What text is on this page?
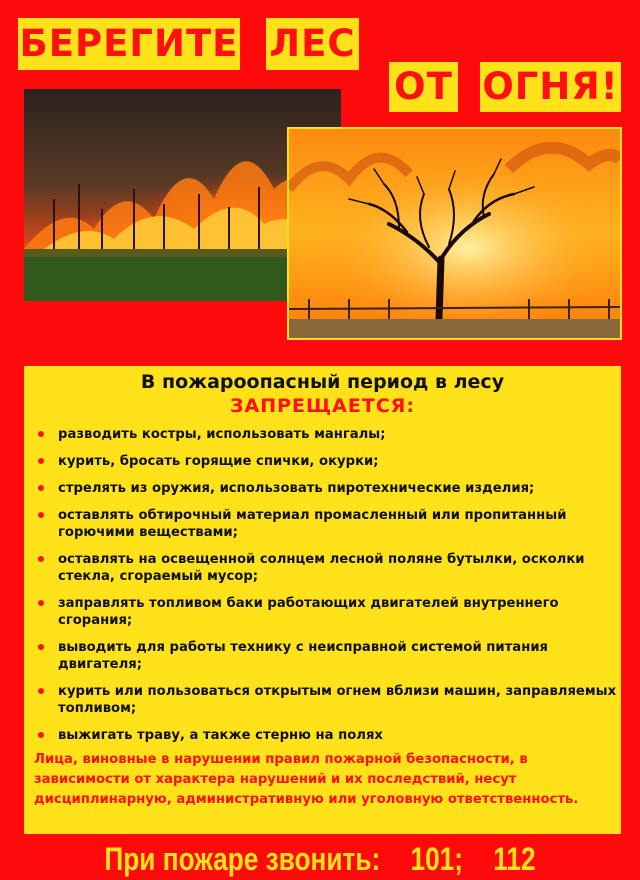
БЕРЕГИТЕ ЛЕС
ОТ ОГНЯ!
В пожароопасный период в лесу
ЗАПРЕЩАЕТСЯ:
разводить костры, использовать мангалы;
курить, бросать горящие спички, окурки;
стрелять из оружия, использовать пиротехнические изделия;
оставлять обтирочный материал промасленный или пропитанный горючими веществами;
оставлять на освещенной солнцем лесной поляне бутылки, осколки стекла, сгораемый мусор;
заправлять топливом баки работающих двигателей внутреннего сгорания;
выводить для работы технику с неисправной системой питания двигателя;
курить или пользоваться открытым огнем вблизи машин, заправляемых топливом;
выжигать траву, а также стерню на полях
Лица, виновные в нарушении правил пожарной безопасности, в зависимости от характера нарушений и их последствий, несут дисциплинарную, административную или уголовную ответственность.
При пожаре звонить: 101; 112
